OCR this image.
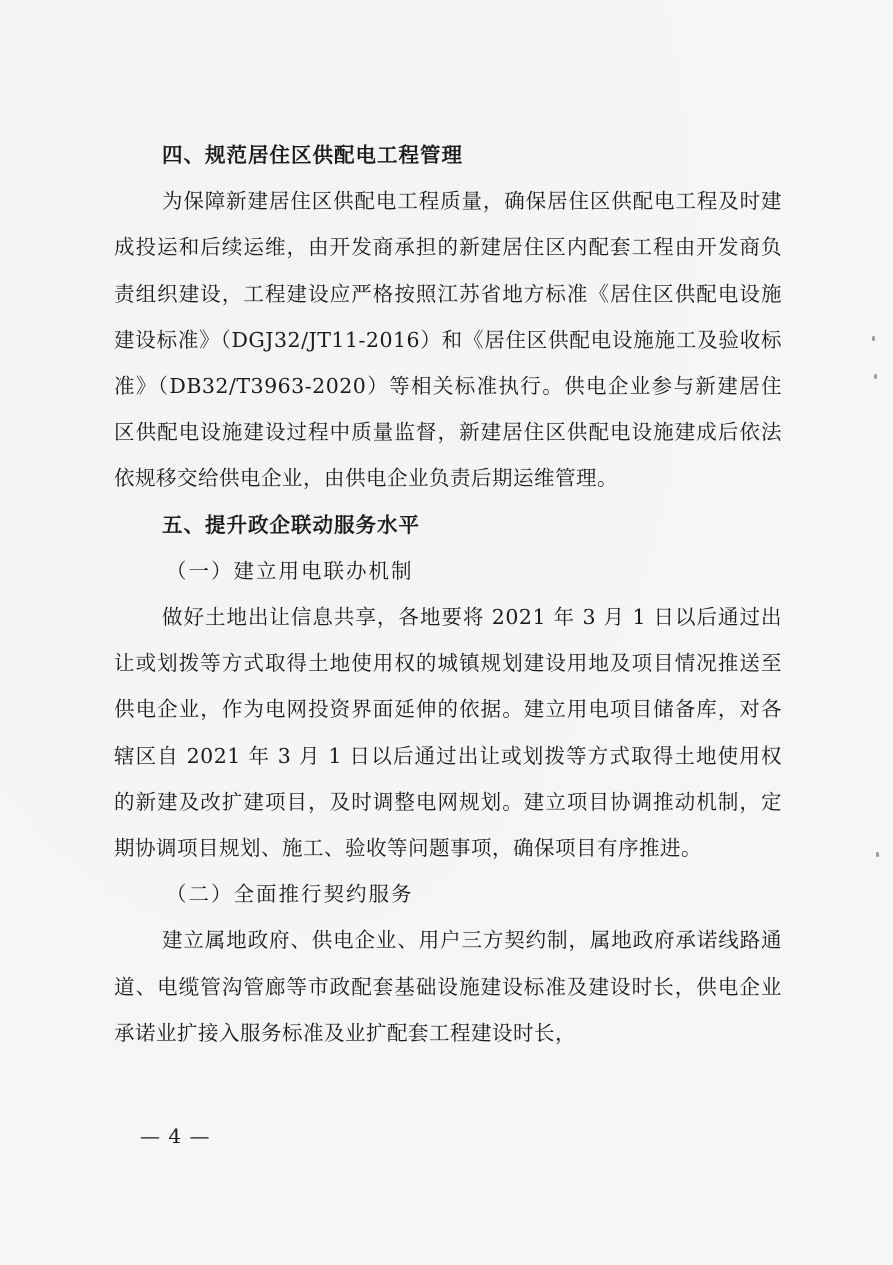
四、规范居住区供配电工程管理

为保障新建居住区供配电工程质量，确保居住区供配电工程及时建成投运和后续运维，由开发商承担的新建居住区内配套工程由开发商负责组织建设，工程建设应严格按照江苏省地方标准《居住区供配电设施建设标准》（DGJ32/JT11-2016）和《居住区供配电设施施工及验收标准》（DB32/T3963-2020）等相关标准执行。供电企业参与新建居住区供配电设施建设过程中质量监督，新建居住区供配电设施建成后依法依规移交给供电企业，由供电企业负责后期运维管理。

五、提升政企联动服务水平
（一）建立用电联办机制

做好土地出让信息共享，各地要将 2021 年 3 月 1 日以后通过出让或划拨等方式取得土地使用权的城镇规划建设用地及项目情况推送至供电企业，作为电网投资界面延伸的依据。建立用电项目储备库，对各辖区自 2021 年 3 月 1 日以后通过出让或划拨等方式取得土地使用权的新建及改扩建项目，及时调整电网规划。建立项目协调推动机制，定期协调项目规划、施工、验收等问题事项，确保项目有序推进。

（二）全面推行契约服务

建立属地政府、供电企业、用户三方契约制，属地政府承诺线路通道、电缆管沟管廊等市政配套基础设施建设标准及建设时长，供电企业承诺业扩接入服务标准及业扩配套工程建设时长，

— 4 —
